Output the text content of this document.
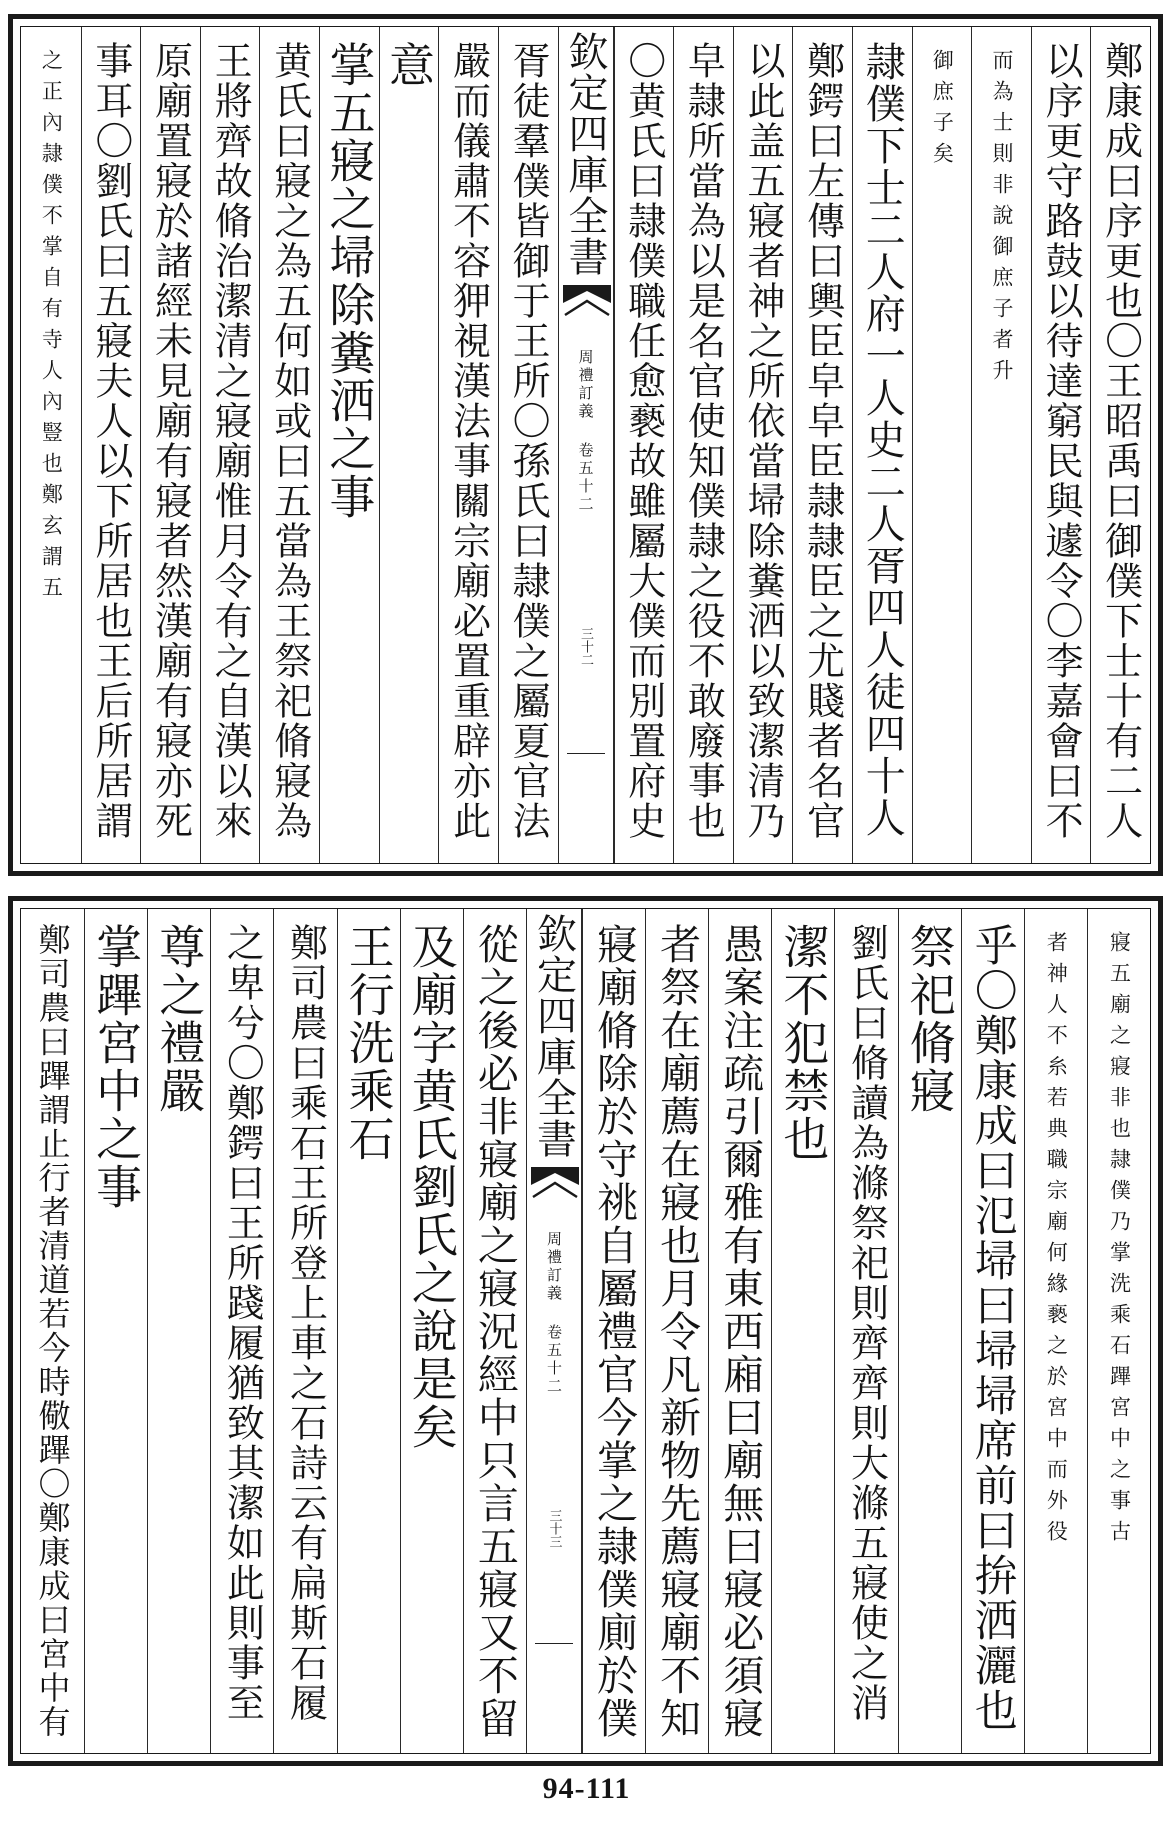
鄭康成曰序更也〇王昭禹曰御僕下士十有二人
以序更守路鼓以待達窮民與遽令〇李嘉會曰不
而為士則非說御庶子者升
御庶子矣
隷僕下士二人府一人史二人胥四人徒四十人
鄭鍔曰左傳曰輿臣皁皁臣隷隷臣之尤賤者名官
以此盖五寢者神之所依當埽除糞洒以致潔清乃
皁隷所當為以是名官使知僕隷之役不敢廢事也
〇黄氏曰隷僕職任愈褻故雖屬大僕而別置府史
欽定四庫全書
周禮訂義 卷五十二
三十二
胥徒羣僕皆御于王所〇孫氏曰隷僕之屬夏官法
嚴而儀肅不容狎視漢法事關宗廟必置重辟亦此
意
掌五寢之埽除糞洒之事
黄氏曰寢之為五何如或曰五當為王祭祀脩寢為
王將齊故脩治潔清之寢廟惟月令有之自漢以來
原廟置寢於諸經未見廟有寢者然漢廟有寢亦死
事耳〇劉氏曰五寢夫人以下所居也王后所居謂
之正內隷僕不掌自有寺人內豎也鄭玄謂五
寢五廟之寢非也隷僕乃掌洗乘石蹕宮中之事古
者神人不糸若典職宗廟何緣褻之於宮中而外役
乎〇鄭康成曰氾埽曰埽埽席前曰拚洒灑也
祭祀脩寢
劉氏曰脩讀為滌祭祀則齊齊則大滌五寢使之消
潔不犯禁也
愚案注疏引爾雅有東西廂曰廟無曰寢必須寢
者祭在廟薦在寢也月令凡新物先薦寢廟不知
寢廟脩除於守祧自屬禮官今掌之隷僕廁於僕
欽定四庫全書
周禮訂義 卷五十二
三十三
從之後必非寢廟之寢況經中只言五寢又不留
及廟字黄氏劉氏之說是矣
王行洗乘石
鄭司農曰乘石王所登上車之石詩云有扁斯石履
之卑兮〇鄭鍔曰王所踐履猶致其潔如此則事至
尊之禮嚴
掌蹕宮中之事
鄭司農曰蹕謂止行者清道若今時儆蹕〇鄭康成曰宮中有
94-111
